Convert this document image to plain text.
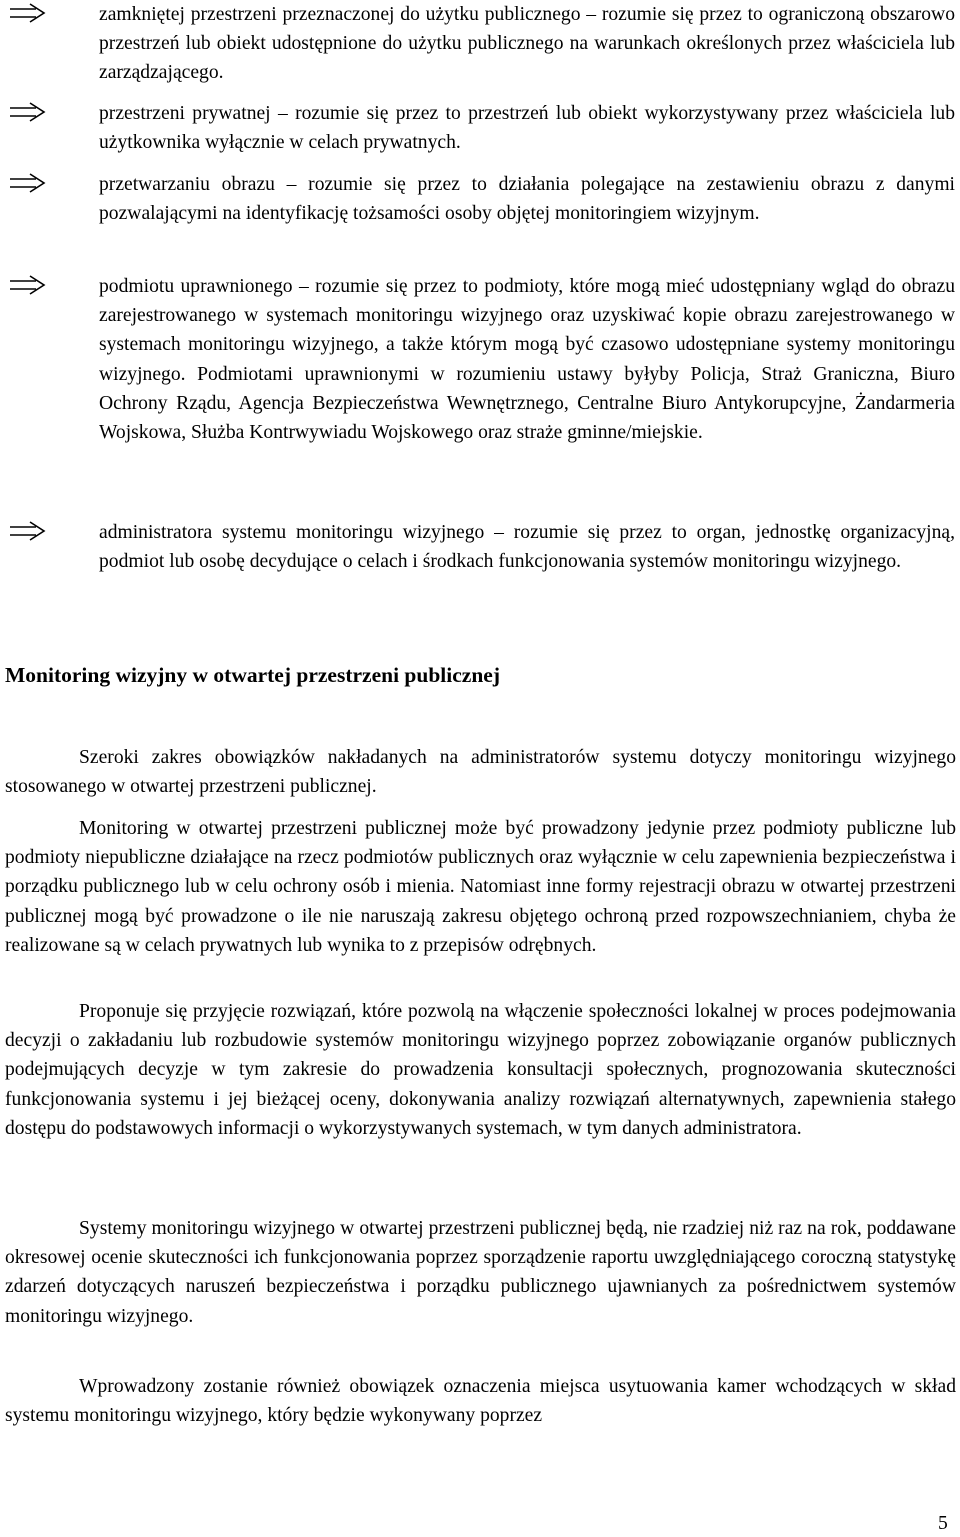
zamkniętej przestrzeni przeznaczonej do użytku publicznego – rozumie się przez to ograniczoną obszarowo przestrzeń lub obiekt udostępnione do użytku publicznego na warunkach określonych przez właściciela lub zarządzającego.

przestrzeni prywatnej – rozumie się przez to przestrzeń lub obiekt wykorzystywany przez właściciela lub użytkownika wyłącznie w celach prywatnych.

przetwarzaniu obrazu – rozumie się przez to działania polegające na zestawieniu obrazu z danymi pozwalającymi na identyfikację tożsamości osoby objętej monitoringiem wizyjnym.

podmiotu uprawnionego – rozumie się przez to podmioty, które mogą mieć udostępniany wgląd do obrazu zarejestrowanego w systemach monitoringu wizyjnego oraz uzyskiwać kopie obrazu zarejestrowanego w systemach monitoringu wizyjnego, a także którym mogą być czasowo udostępniane systemy monitoringu wizyjnego. Podmiotami uprawnionymi w rozumieniu ustawy byłyby Policja, Straż Graniczna, Biuro Ochrony Rządu, Agencja Bezpieczeństwa Wewnętrznego, Centralne Biuro Antykorupcyjne, Żandarmeria Wojskowa, Służba Kontrwywiadu Wojskowego oraz straże gminne/miejskie.

administratora systemu monitoringu wizyjnego – rozumie się przez to organ, jednostkę organizacyjną, podmiot lub osobę decydujące o celach i środkach funkcjonowania systemów monitoringu wizyjnego.

Monitoring wizyjny w otwartej przestrzeni publicznej

Szeroki zakres obowiązków nakładanych na administratorów systemu dotyczy monitoringu wizyjnego stosowanego w otwartej przestrzeni publicznej.

Monitoring w otwartej przestrzeni publicznej może być prowadzony jedynie przez podmioty publiczne lub podmioty niepubliczne działające na rzecz podmiotów publicznych oraz wyłącznie w celu zapewnienia bezpieczeństwa i porządku publicznego lub w celu ochrony osób i mienia. Natomiast inne formy rejestracji obrazu w otwartej przestrzeni publicznej mogą być prowadzone o ile nie naruszają zakresu objętego ochroną przed rozpowszechnianiem, chyba że realizowane są w celach prywatnych lub wynika to z przepisów odrębnych.

Proponuje się przyjęcie rozwiązań, które pozwolą na włączenie społeczności lokalnej w proces podejmowania decyzji o zakładaniu lub rozbudowie systemów monitoringu wizyjnego poprzez zobowiązanie organów publicznych podejmujących decyzje w tym zakresie do prowadzenia konsultacji społecznych, prognozowania skuteczności funkcjonowania systemu i jej bieżącej oceny, dokonywania analizy rozwiązań alternatywnych, zapewnienia stałego dostępu do podstawowych informacji o wykorzystywanych systemach, w tym danych administratora.

Systemy monitoringu wizyjnego w otwartej przestrzeni publicznej będą, nie rzadziej niż raz na rok, poddawane okresowej ocenie skuteczności ich funkcjonowania poprzez sporządzenie raportu uwzględniającego coroczną statystykę zdarzeń dotyczących naruszeń bezpieczeństwa i porządku publicznego ujawnianych za pośrednictwem systemów monitoringu wizyjnego.

Wprowadzony zostanie również obowiązek oznaczenia miejsca usytuowania kamer wchodzących w skład systemu monitoringu wizyjnego, który będzie wykonywany poprzez

5
